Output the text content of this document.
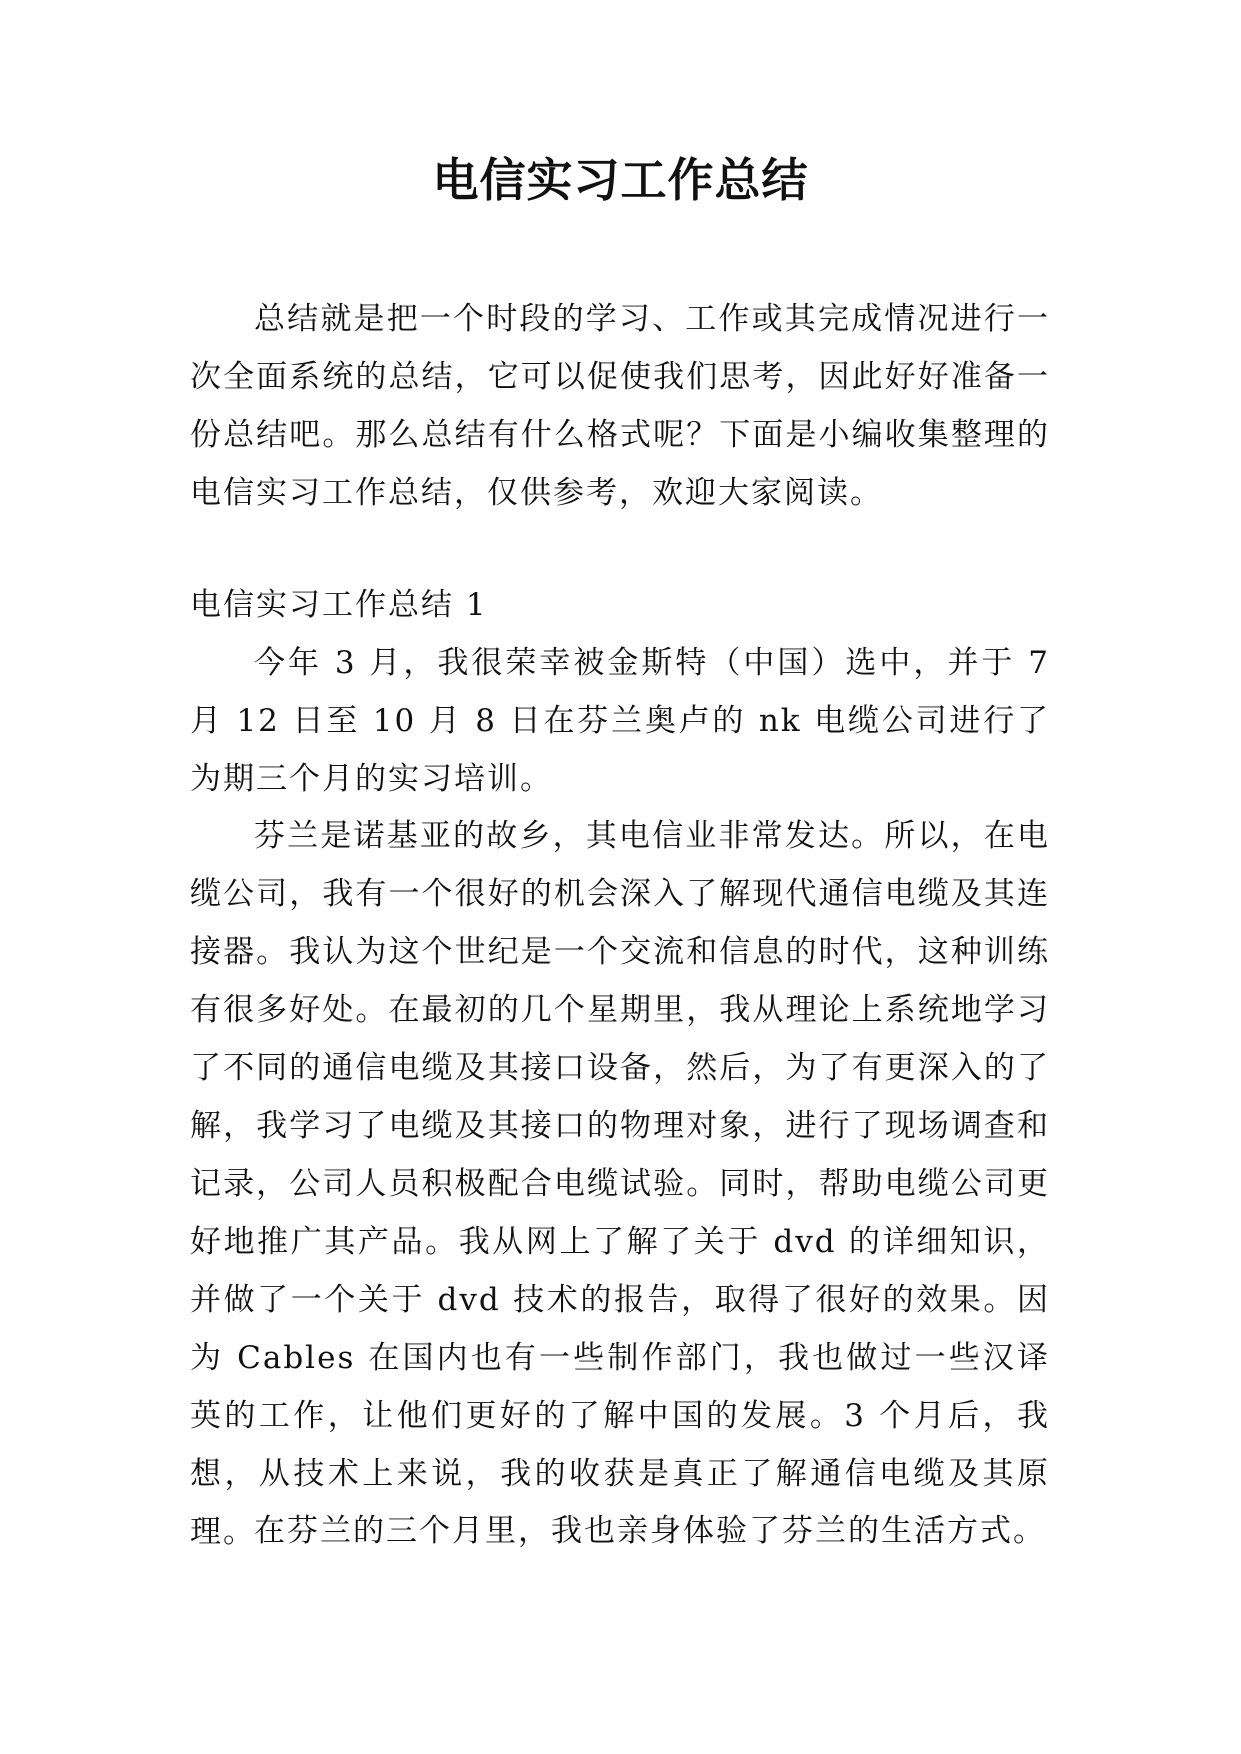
电信实习工作总结

总结就是把一个时段的学习、工作或其完成情况进行一次全面系统的总结，它可以促使我们思考，因此好好准备一份总结吧。那么总结有什么格式呢？下面是小编收集整理的电信实习工作总结，仅供参考，欢迎大家阅读。

电信实习工作总结 1

今年 3 月，我很荣幸被金斯特（中国）选中，并于 7 月 12 日至 10 月 8 日在芬兰奥卢的 nk 电缆公司进行了为期三个月的实习培训。

芬兰是诺基亚的故乡，其电信业非常发达。所以，在电缆公司，我有一个很好的机会深入了解现代通信电缆及其连接器。我认为这个世纪是一个交流和信息的时代，这种训练有很多好处。在最初的几个星期里，我从理论上系统地学习了不同的通信电缆及其接口设备，然后，为了有更深入的了解，我学习了电缆及其接口的物理对象，进行了现场调查和记录，公司人员积极配合电缆试验。同时，帮助电缆公司更好地推广其产品。我从网上了解了关于 dvd 的详细知识，并做了一个关于 dvd 技术的报告，取得了很好的效果。因为 Cables 在国内也有一些制作部门，我也做过一些汉译英的工作，让他们更好的了解中国的发展。3 个月后，我想，从技术上来说，我的收获是真正了解通信电缆及其原理。

在芬兰的三个月里，我也亲身体验了芬兰的生活方式。
